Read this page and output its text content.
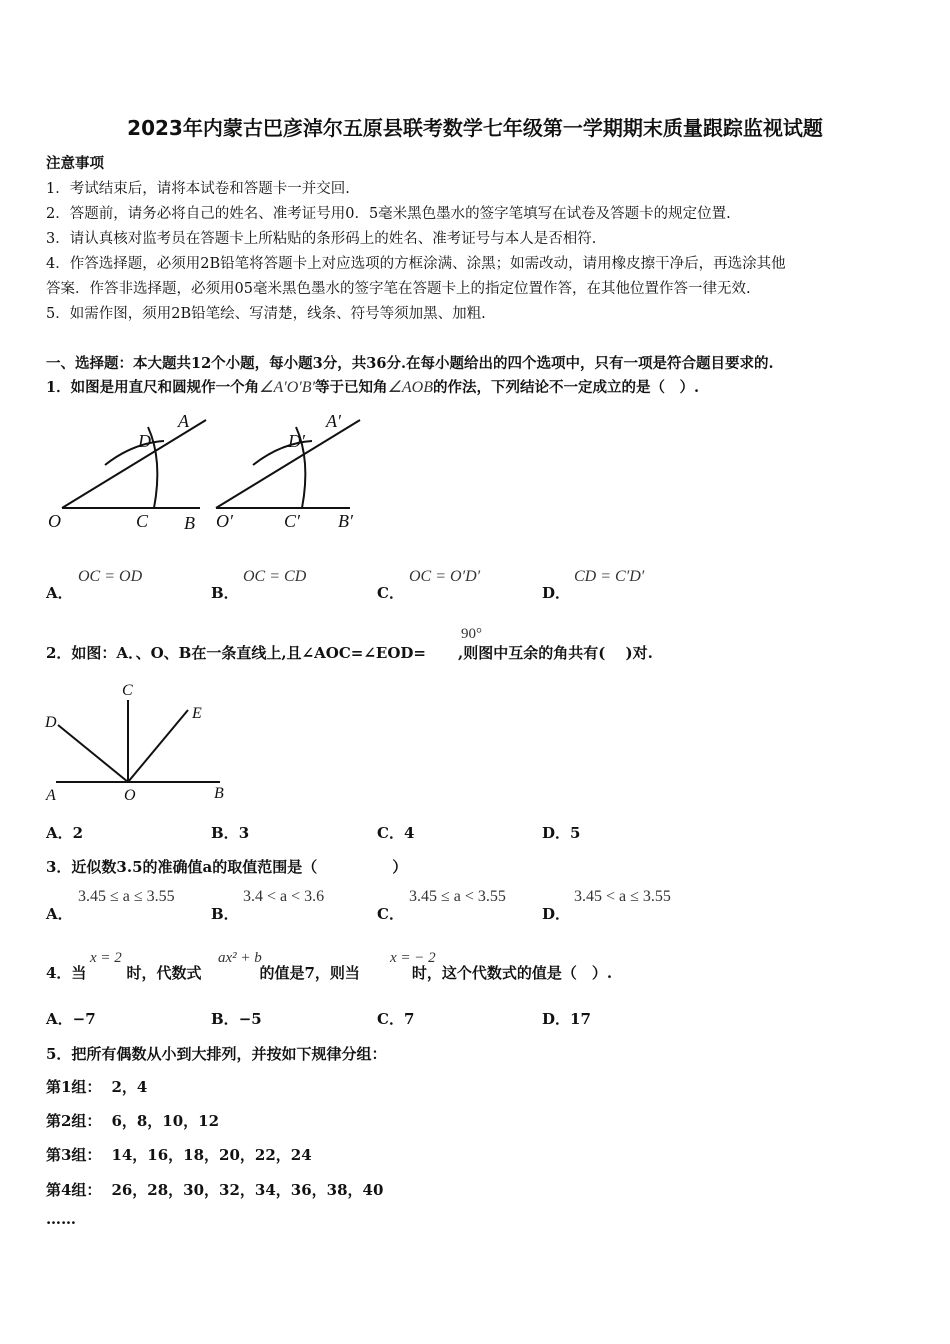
2023年内蒙古巴彦淖尔五原县联考数学七年级第一学期期末质量跟踪监视试题
注意事项
1．考试结束后，请将本试卷和答题卡一并交回.
2．答题前，请务必将自己的姓名、准考证号用0．5毫米黑色墨水的签字笔填写在试卷及答题卡的规定位置.
3．请认真核对监考员在答题卡上所粘贴的条形码上的姓名、准考证号与本人是否相符.
4．作答选择题，必须用2B铅笔将答题卡上对应选项的方框涂满、涂黑；如需改动，请用橡皮擦干净后，再选涂其他
答案．作答非选择题，必须用05毫米黑色墨水的签字笔在答题卡上的指定位置作答，在其他位置作答一律无效.
5．如需作图，须用2B铅笔绘、写清楚，线条、符号等须加黑、加粗.
一、选择题：本大题共12个小题，每小题3分，共36分.在每小题给出的四个选项中，只有一项是符合题目要求的.
1．如图是用直尺和圆规作一个角∠A′O′B′等于已知角∠AOB的作法，下列结论不一定成立的是（　）.
A
D
O	C B
A′
D′
O′	C′ B′
A．
OC = OD
B．
OC = CD
C．
OC = O′D′
D．
CD = C′D′
2．如图：A．、O、B在一条直线上,且∠AOC=∠EOD= ,则图中互余的角共有(　 )对.
90°
A	O	B
C
D
E
A．2	B．3	C．4	D．5
3．近似数3.5的准确值a的取值范围是（　　　　　）
A．
3.45 ≤ a ≤ 3.55
B．
3.4 < a < 3.6
C．
3.45 ≤ a < 3.55
D．
3.45 < a ≤ 3.55
4．当	时，代数式	的值是7，则当	时，这个代数式的值是（　）.
x = 2	ax² + b	x = − 2
A．−7	B．−5	C．7	D．17
5．把所有偶数从小到大排列，并按如下规律分组：
第1组： 2，4
第2组： 6，8，10，12
第3组： 14，16，18，20，22，24
第4组： 26，28，30，32，34，36，38，40
……
